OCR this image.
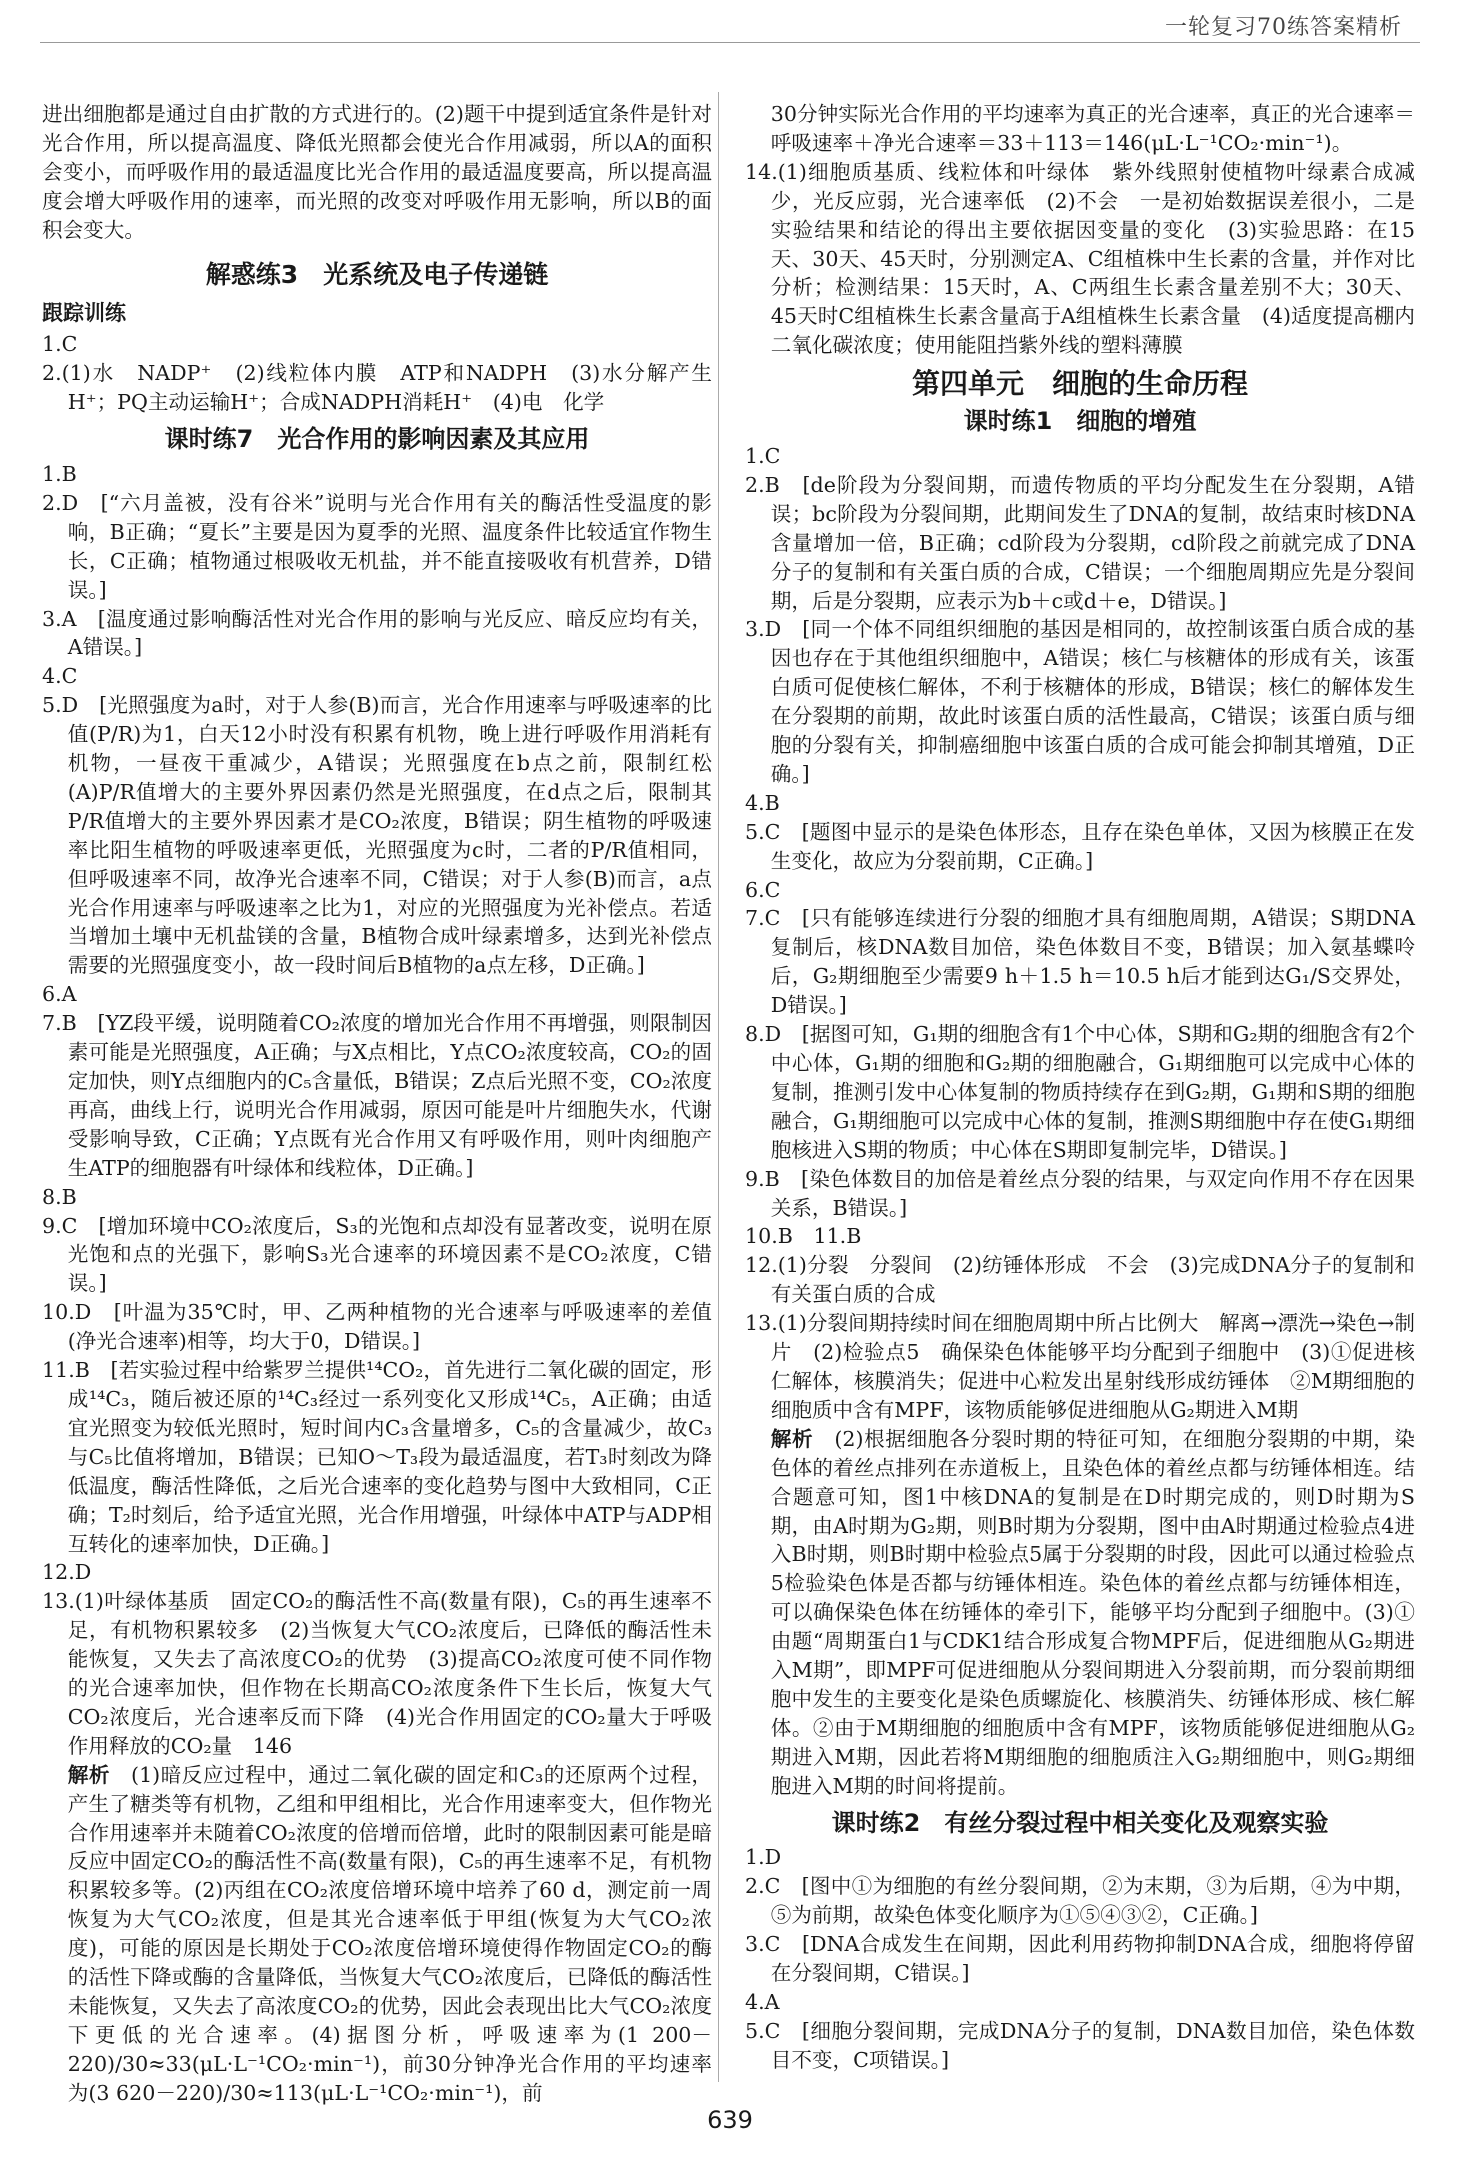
一轮复习70练答案精析

进出细胞都是通过自由扩散的方式进行的。(2)题干中提到适宜条件是针对光合作用，所以提高温度、降低光照都会使光合作用减弱，所以A的面积会变小，而呼吸作用的最适温度比光合作用的最适温度要高，所以提高温度会增大呼吸作用的速率，而光照的改变对呼吸作用无影响，所以B的面积会变大。

解惑练3　光系统及电子传递链
跟踪训练

1.C

2.(1)水　NADP⁺　(2)线粒体内膜　ATP和NADPH　(3)水分解产生H⁺；PQ主动运输H⁺；合成NADPH消耗H⁺　(4)电　化学

课时练7　光合作用的影响因素及其应用

1.B

2.D　[“六月盖被，没有谷米”说明与光合作用有关的酶活性受温度的影响，B正确；“夏长”主要是因为夏季的光照、温度条件比较适宜作物生长，C正确；植物通过根吸收无机盐，并不能直接吸收有机营养，D错误。]

3.A　[温度通过影响酶活性对光合作用的影响与光反应、暗反应均有关，A错误。]

4.C

5.D　[光照强度为a时，对于人参(B)而言，光合作用速率与呼吸速率的比值(P/R)为1，白天12小时没有积累有机物，晚上进行呼吸作用消耗有机物，一昼夜干重减少，A错误；光照强度在b点之前，限制红松(A)P/R值增大的主要外界因素仍然是光照强度，在d点之后，限制其P/R值增大的主要外界因素才是CO₂浓度，B错误；阴生植物的呼吸速率比阳生植物的呼吸速率更低，光照强度为c时，二者的P/R值相同，但呼吸速率不同，故净光合速率不同，C错误；对于人参(B)而言，a点光合作用速率与呼吸速率之比为1，对应的光照强度为光补偿点。若适当增加土壤中无机盐镁的含量，B植物合成叶绿素增多，达到光补偿点需要的光照强度变小，故一段时间后B植物的a点左移，D正确。]

6.A

7.B　[YZ段平缓，说明随着CO₂浓度的增加光合作用不再增强，则限制因素可能是光照强度，A正确；与X点相比，Y点CO₂浓度较高，CO₂的固定加快，则Y点细胞内的C₅含量低，B错误；Z点后光照不变，CO₂浓度再高，曲线上行，说明光合作用减弱，原因可能是叶片细胞失水，代谢受影响导致，C正确；Y点既有光合作用又有呼吸作用，则叶肉细胞产生ATP的细胞器有叶绿体和线粒体，D正确。]

8.B

9.C　[增加环境中CO₂浓度后，S₃的光饱和点却没有显著改变，说明在原光饱和点的光强下，影响S₃光合速率的环境因素不是CO₂浓度，C错误。]

10.D　[叶温为35℃时，甲、乙两种植物的光合速率与呼吸速率的差值(净光合速率)相等，均大于0，D错误。]

11.B　[若实验过程中给紫罗兰提供¹⁴CO₂，首先进行二氧化碳的固定，形成¹⁴C₃，随后被还原的¹⁴C₃经过一系列变化又形成¹⁴C₅，A正确；由适宜光照变为较低光照时，短时间内C₃含量增多，C₅的含量减少，故C₃与C₅比值将增加，B错误；已知O～T₃段为最适温度，若T₃时刻改为降低温度，酶活性降低，之后光合速率的变化趋势与图中大致相同，C正确；T₂时刻后，给予适宜光照，光合作用增强，叶绿体中ATP与ADP相互转化的速率加快，D正确。]

12.D

13.(1)叶绿体基质　固定CO₂的酶活性不高(数量有限)，C₅的再生速率不足，有机物积累较多　(2)当恢复大气CO₂浓度后，已降低的酶活性未能恢复，又失去了高浓度CO₂的优势　(3)提高CO₂浓度可使不同作物的光合速率加快，但作物在长期高CO₂浓度条件下生长后，恢复大气CO₂浓度后，光合速率反而下降　(4)光合作用固定的CO₂量大于呼吸作用释放的CO₂量　146

解析　 (1)暗反应过程中，通过二氧化碳的固定和C₃的还原两个过程，产生了糖类等有机物，乙组和甲组相比，光合作用速率变大，但作物光合作用速率并未随着CO₂浓度的倍增而倍增，此时的限制因素可能是暗反应中固定CO₂的酶活性不高(数量有限)，C₅的再生速率不足，有机物积累较多等。(2)丙组在CO₂浓度倍增环境中培养了60 d，测定前一周恢复为大气CO₂浓度，但是其光合速率低于甲组(恢复为大气CO₂浓度)，可能的原因是长期处于CO₂浓度倍增环境使得作物固定CO₂的酶的活性下降或酶的含量降低，当恢复大气CO₂浓度后，已降低的酶活性未能恢复，又失去了高浓度CO₂的优势，因此会表现出比大气CO₂浓度下更低的光合速率。(4)据图分析，呼吸速率为(1 200－220)/30≈33(μL·L⁻¹CO₂·min⁻¹)，前30分钟净光合作用的平均速率为(3 620－220)/30≈113(μL·L⁻¹CO₂·min⁻¹)，前

30分钟实际光合作用的平均速率为真正的光合速率，真正的光合速率＝呼吸速率＋净光合速率＝33＋113＝146(μL·L⁻¹CO₂·min⁻¹)。

14.(1)细胞质基质、线粒体和叶绿体　紫外线照射使植物叶绿素合成减少，光反应弱，光合速率低　(2)不会　一是初始数据误差很小，二是实验结果和结论的得出主要依据因变量的变化　(3)实验思路：在15天、30天、45天时，分别测定A、C组植株中生长素的含量，并作对比分析；检测结果：15天时，A、C两组生长素含量差别不大；30天、45天时C组植株生长素含量高于A组植株生长素含量　(4)适度提高棚内二氧化碳浓度；使用能阻挡紫外线的塑料薄膜

第四单元　细胞的生命历程
课时练1　细胞的增殖

1.C

2.B　[de阶段为分裂间期，而遗传物质的平均分配发生在分裂期，A错误；bc阶段为分裂间期，此期间发生了DNA的复制，故结束时核DNA含量增加一倍，B正确；cd阶段为分裂期，cd阶段之前就完成了DNA分子的复制和有关蛋白质的合成，C错误；一个细胞周期应先是分裂间期，后是分裂期，应表示为b＋c或d＋e，D错误。]

3.D　[同一个体不同组织细胞的基因是相同的，故控制该蛋白质合成的基因也存在于其他组织细胞中，A错误；核仁与核糖体的形成有关，该蛋白质可促使核仁解体，不利于核糖体的形成，B错误；核仁的解体发生在分裂期的前期，故此时该蛋白质的活性最高，C错误；该蛋白质与细胞的分裂有关，抑制癌细胞中该蛋白质的合成可能会抑制其增殖，D正确。]

4.B

5.C　[题图中显示的是染色体形态，且存在染色单体，又因为核膜正在发生变化，故应为分裂前期，C正确。]

6.C

7.C　[只有能够连续进行分裂的细胞才具有细胞周期，A错误；S期DNA复制后，核DNA数目加倍，染色体数目不变，B错误；加入氨基蝶呤后，G₂期细胞至少需要9 h＋1.5 h＝10.5 h后才能到达G₁/S交界处，D错误。]

8.D　[据图可知，G₁期的细胞含有1个中心体，S期和G₂期的细胞含有2个中心体，G₁期的细胞和G₂期的细胞融合，G₁期细胞可以完成中心体的复制，推测引发中心体复制的物质持续存在到G₂期，G₁期和S期的细胞融合，G₁期细胞可以完成中心体的复制，推测S期细胞中存在使G₁期细胞核进入S期的物质；中心体在S期即复制完毕，D错误。]

9.B　[染色体数目的加倍是着丝点分裂的结果，与双定向作用不存在因果关系，B错误。]

10.B　11.B

12.(1)分裂　分裂间　(2)纺锤体形成　不会　(3)完成DNA分子的复制和有关蛋白质的合成

13.(1)分裂间期持续时间在细胞周期中所占比例大　解离→漂洗→染色→制片　(2)检验点5　确保染色体能够平均分配到子细胞中　(3)①促进核仁解体，核膜消失；促进中心粒发出星射线形成纺锤体　②M期细胞的细胞质中含有MPF，该物质能够促进细胞从G₂期进入M期

解析　 (2)根据细胞各分裂时期的特征可知，在细胞分裂期的中期，染色体的着丝点排列在赤道板上，且染色体的着丝点都与纺锤体相连。结合题意可知，图1中核DNA的复制是在D时期完成的，则D时期为S期，由A时期为G₂期，则B时期为分裂期，图中由A时期通过检验点4进入B时期，则B时期中检验点5属于分裂期的时段，因此可以通过检验点5检验染色体是否都与纺锤体相连。染色体的着丝点都与纺锤体相连，可以确保染色体在纺锤体的牵引下，能够平均分配到子细胞中。(3)①由题“周期蛋白1与CDK1结合形成复合物MPF后，促进细胞从G₂期进入M期”，即MPF可促进细胞从分裂间期进入分裂前期，而分裂前期细胞中发生的主要变化是染色质螺旋化、核膜消失、纺锤体形成、核仁解体。②由于M期细胞的细胞质中含有MPF，该物质能够促进细胞从G₂期进入M期，因此若将M期细胞的细胞质注入G₂期细胞中，则G₂期细胞进入M期的时间将提前。

课时练2　有丝分裂过程中相关变化及观察实验

1.D

2.C　[图中①为细胞的有丝分裂间期，②为末期，③为后期，④为中期，⑤为前期，故染色体变化顺序为①⑤④③②，C正确。]

3.C　[DNA合成发生在间期，因此利用药物抑制DNA合成，细胞将停留在分裂间期，C错误。]

4.A

5.C　[细胞分裂间期，完成DNA分子的复制，DNA数目加倍，染色体数目不变，C项错误。]

639
